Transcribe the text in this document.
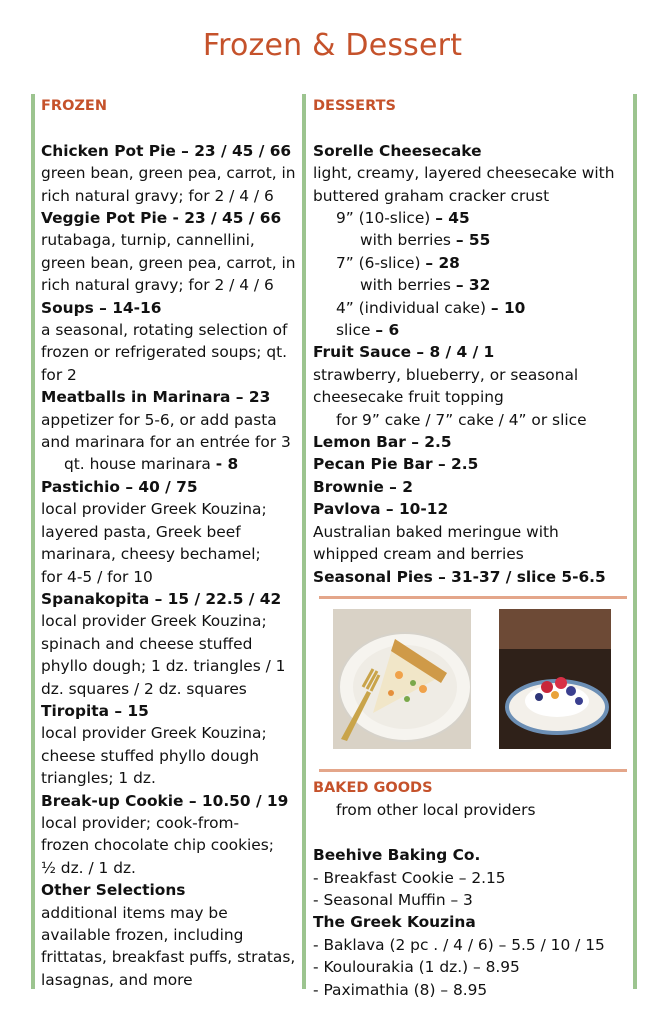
Frozen & Dessert
FROZEN
Chicken Pot Pie – 23 / 45 / 66
green bean, green pea, carrot, in
rich natural gravy; for 2 / 4 / 6
Veggie Pot Pie - 23 / 45 / 66
rutabaga, turnip, cannellini,
green bean, green pea, carrot, in
rich natural gravy; for 2 / 4 / 6
Soups – 14-16
a seasonal, rotating selection of
frozen or refrigerated soups; qt.
for 2
Meatballs in Marinara – 23
appetizer for 5-6, or add pasta
and marinara for an entrée for 3
qt. house marinara - 8
Pastichio – 40 / 75
local provider Greek Kouzina;
layered pasta, Greek beef
marinara, cheesy bechamel;
for 4-5 / for 10
Spanakopita – 15 / 22.5 / 42
local provider Greek Kouzina;
spinach and cheese stuffed
phyllo dough; 1 dz. triangles / 1
dz. squares / 2 dz. squares
Tiropita – 15
local provider Greek Kouzina;
cheese stuffed phyllo dough
triangles; 1 dz.
Break-up Cookie – 10.50 / 19
local provider; cook-from-
frozen chocolate chip cookies;
½ dz. / 1 dz.
Other Selections
additional items may be
available frozen, including
frittatas, breakfast puffs, stratas,
lasagnas, and more
DESSERTS
Sorelle Cheesecake
light, creamy, layered cheesecake with
buttered graham cracker crust
9” (10-slice) – 45
with berries – 55
7” (6-slice) – 28
with berries – 32
4” (individual cake) – 10
slice – 6
Fruit Sauce – 8 / 4 / 1
strawberry, blueberry, or seasonal
cheesecake fruit topping
for 9” cake / 7” cake / 4” or slice
Lemon Bar – 2.5
Pecan Pie Bar – 2.5
Brownie – 2
Pavlova – 10-12
Australian baked meringue with
whipped cream and berries
Seasonal Pies – 31-37 / slice 5-6.5
BAKED GOODS
from other local providers
Beehive Baking Co.
- Breakfast Cookie – 2.15
- Seasonal Muffin – 3
The Greek Kouzina
- Baklava (2 pc . / 4 / 6) – 5.5 / 10 / 15
- Koulourakia (1 dz.) – 8.95
- Paximathia (8) – 8.95
